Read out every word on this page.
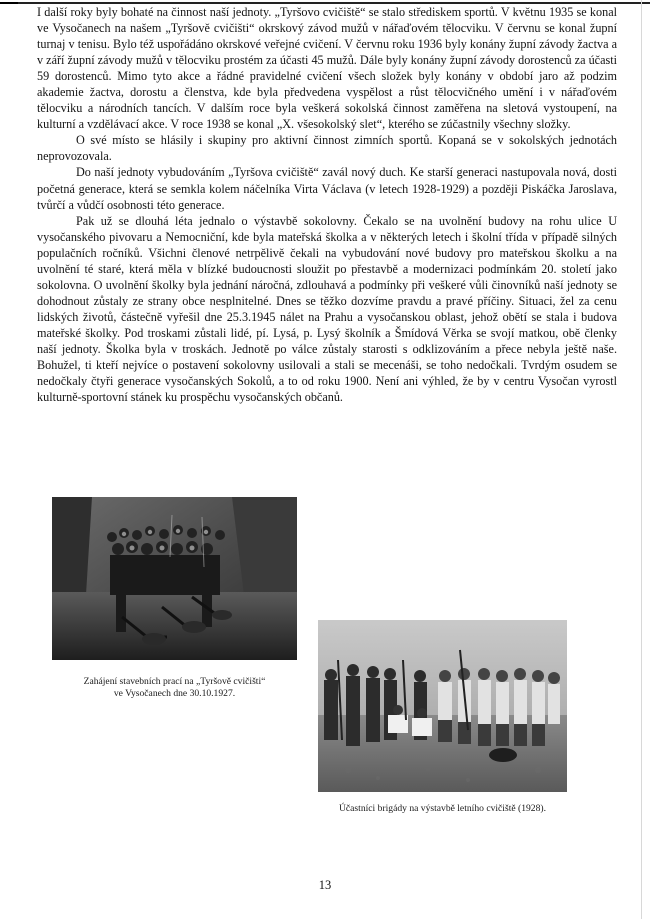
I další roky byly bohaté na činnost naší jednoty. „Tyršovo cvičiště“ se stalo střediskem sportů. V květnu 1935 se konal ve Vysočanech na našem „Tyršově cvičišti“ okrskový závod mužů v nářaďovém tělocviku. V červnu se konal župní turnaj v tenisu. Bylo též uspořádáno okrskové veřejné cvičení. V červnu roku 1936 byly konány župní závody žactva a v září župní závody mužů v tělocviku prostém za účasti 45 mužů. Dále byly konány župní závody dorostenců za účasti 59 dorostenců. Mimo tyto akce a řádné pravidelné cvičení všech složek byly konány v období jaro až podzim akademie žactva, dorostu a členstva, kde byla předvedena vyspělost a růst tělocvičného umění i v nářaďovém tělocviku a národních tancích. V dalším roce byla veškerá sokolská činnost zaměřena na sletová vystoupení, na kulturní a vzdělávací akce. V roce 1938 se konal „X. všesokolský slet“, kterého se zúčastnily všechny složky.

O své místo se hlásily i skupiny pro aktivní činnost zimních sportů. Kopaná se v sokolských jednotách neprovozovala.

Do naší jednoty vybudováním „Tyršova cvičiště“ zavál nový duch. Ke starší generaci nastupovala nová, dosti početná generace, která se semkla kolem náčelníka Virta Václava (v letech 1928-1929) a později Piskáčka Jaroslava, tvůrčí a vůdčí osobnosti této generace.

Pak už se dlouhá léta jednalo o výstavbě sokolovny. Čekalo se na uvolnění budovy na rohu ulice U vysočanského pivovaru a Nemocniční, kde byla mateřská školka a v některých letech i školní třída v případě silných populačních ročníků. Všichni členové netrpělivě čekali na vybudování nové budovy pro mateřskou školku a na uvolnění té staré, která měla v blízké budoucnosti sloužit po přestavbě a modernizaci podmínkám 20. století jako sokolovna. O uvolnění školky byla jednání náročná, zdlouhavá a podmínky při veškeré vůli činovníků naší jednoty se dohodnout zůstaly ze strany obce nesplnitelné. Dnes se těžko dozvíme pravdu a pravé příčiny. Situaci, žel za cenu lidských životů, částečně vyřešil dne 25.3.1945 nálet na Prahu a vysočanskou oblast, jehož obětí se stala i budova mateřské školky. Pod troskami zůstali lidé, pí. Lysá, p. Lysý školník a Šmídová Věrka se svojí matkou, obě členky naší jednoty. Školka byla v troskách. Jednotě po válce zůstaly starosti s odklizováním a přece nebyla ještě naše. Bohužel, ti kteří nejvíce o postavení sokolovny usilovali a stali se mecenáši, se toho nedočkali. Tvrdým osudem se nedočkaly čtyři generace vysočanských Sokolů, a to od roku 1900. Není ani výhled, že by v centru Vysočan vyrostl kulturně-sportovní stánek ku prospěchu vysočanských občanů.

Zahájení stavebních prací na „Tyršově cvičišti“
ve Vysočanech dne 30.10.1927.
Účastníci brigády na výstavbě letního cvičiště (1928).
13
